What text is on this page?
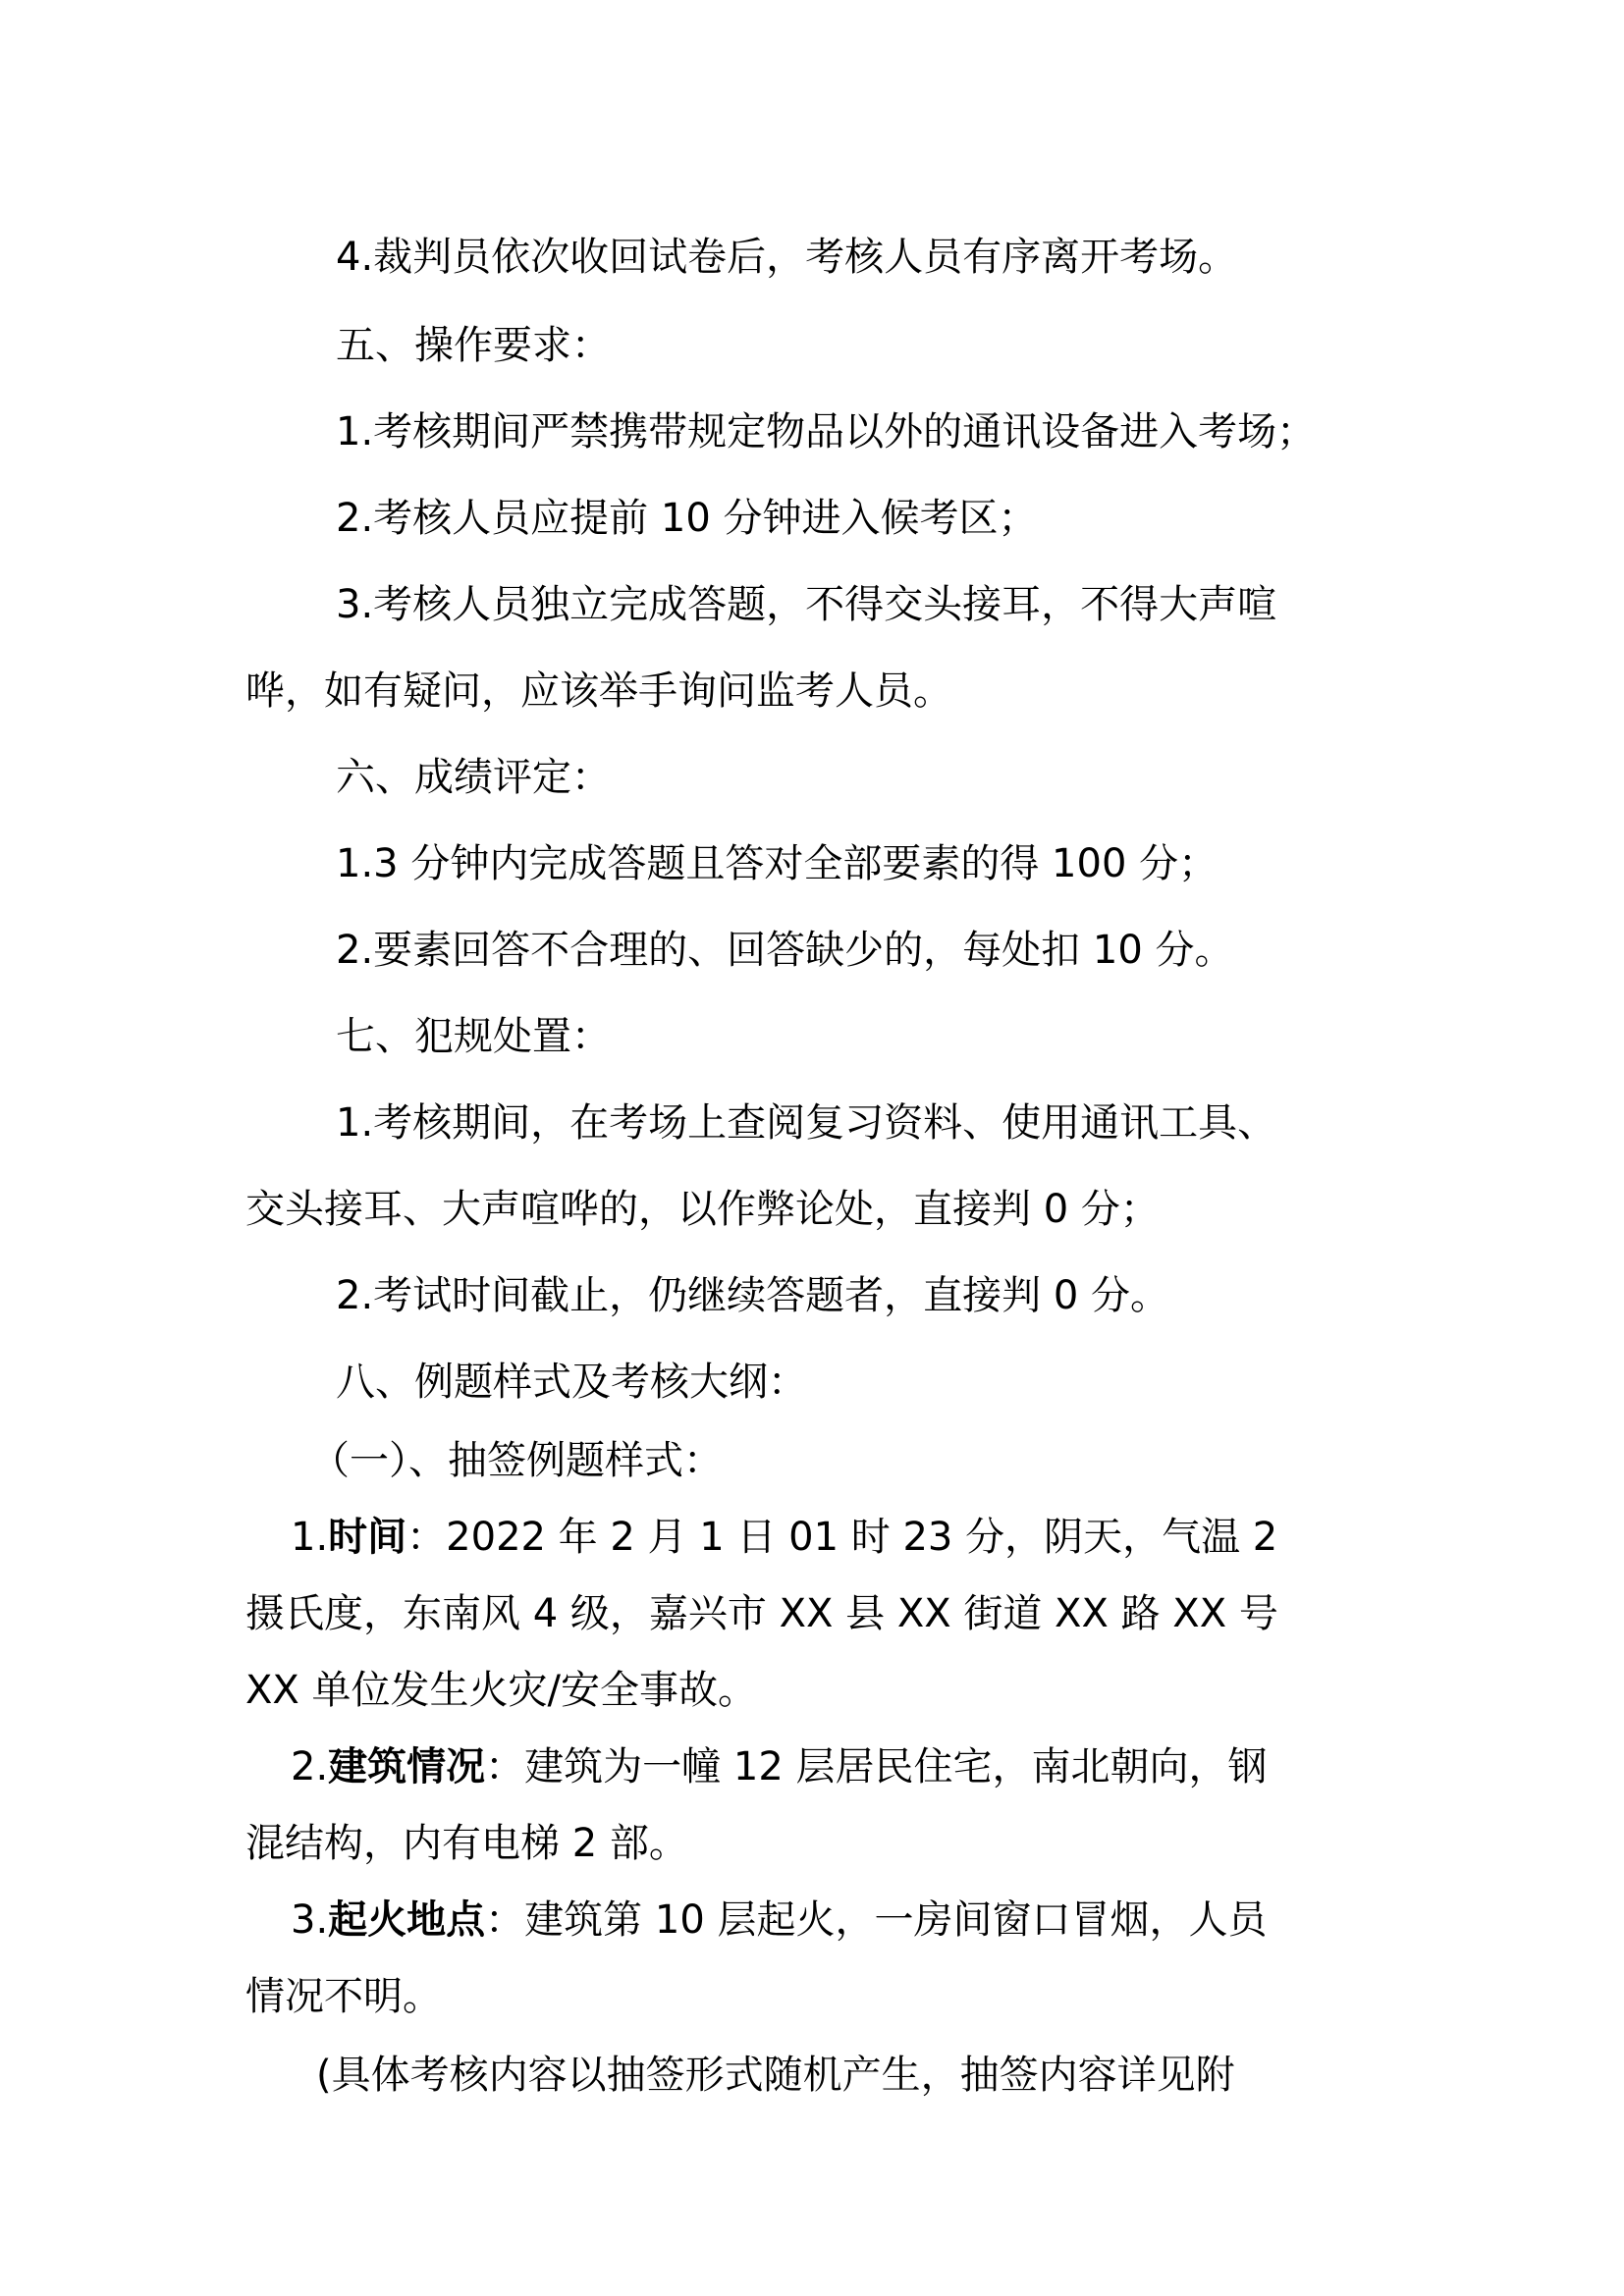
4.裁判员依次收回试卷后，考核人员有序离开考场。
五、操作要求：
1.考核期间严禁携带规定物品以外的通讯设备进入考场；
2.考核人员应提前 10 分钟进入候考区；
3.考核人员独立完成答题，不得交头接耳，不得大声喧
哗，如有疑问，应该举手询问监考人员。
六、成绩评定：
1.3 分钟内完成答题且答对全部要素的得 100 分；
2.要素回答不合理的、回答缺少的，每处扣 10 分。
七、犯规处置：
1.考核期间，在考场上查阅复习资料、使用通讯工具、
交头接耳、大声喧哗的，以作弊论处，直接判 0 分；
2.考试时间截止，仍继续答题者，直接判 0 分。
八、例题样式及考核大纲：
（一）、抽签例题样式：
1.时间：2022 年 2 月 1 日 01 时 23 分，阴天，气温 2
摄氏度，东南风 4 级，嘉兴市 XX 县 XX 街道 XX 路 XX 号
XX 单位发生火灾/安全事故。
2.建筑情况：建筑为一幢 12 层居民住宅，南北朝向，钢
混结构，内有电梯 2 部。
3.起火地点：建筑第 10 层起火，一房间窗口冒烟，人员
情况不明。
(具体考核内容以抽签形式随机产生，抽签内容详见附
